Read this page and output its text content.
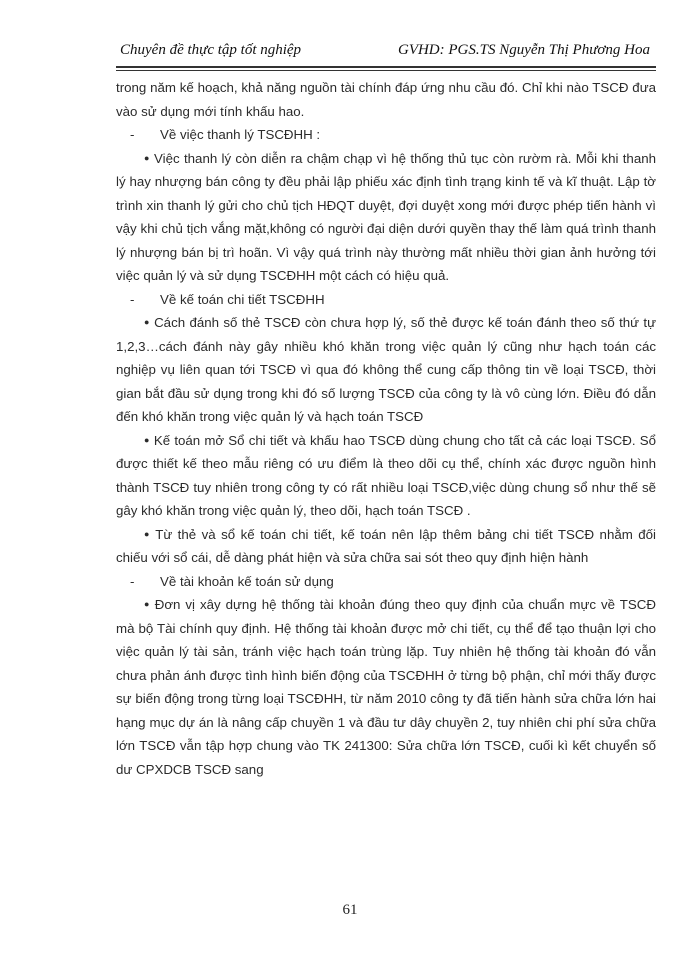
Chuyên đề thực tập tốt nghiệp	GVHD: PGS.TS Nguyễn Thị Phương Hoa

trong năm kế hoạch, khả năng nguồn tài chính đáp ứng nhu cầu đó. Chỉ khi nào TSCĐ đưa vào sử dụng mới tính khấu hao.

- Về việc thanh lý TSCĐHH :

● Việc thanh lý còn diễn ra chậm chạp vì hệ thống thủ tục còn rườm rà. Mỗi khi thanh lý hay nhượng bán công ty đều phải lập phiếu xác định tình trạng kinh tế và kĩ thuật. Lập tờ trình xin thanh lý gửi cho chủ tịch HĐQT duyệt, đợi duyệt xong mới được phép tiến hành vì vậy khi chủ tịch vắng mặt,không có người đại diện dưới quyền thay thế làm quá trình thanh lý nhượng bán bị trì hoãn. Vì vậy quá trình này thường mất nhiều thời gian ảnh hưởng tới việc quản lý và sử dụng TSCĐHH một cách có hiệu quả.

- Về kế toán chi tiết TSCĐHH

● Cách đánh số thẻ TSCĐ còn chưa hợp lý, số thẻ được kế toán đánh theo số thứ tự 1,2,3…cách đánh này gây nhiều khó khăn trong việc quản lý cũng như hạch toán các nghiệp vụ liên quan tới TSCĐ vì qua đó không thể cung cấp thông tin về loại TSCĐ, thời gian bắt đầu sử dụng trong khi đó số lượng TSCĐ của công ty là vô cùng lớn. Điều đó dẫn đến khó khăn trong việc quản lý và hạch toán TSCĐ

● Kế toán mở Sổ chi tiết và khấu hao TSCĐ dùng chung cho tất cả các loại TSCĐ. Sổ được thiết kế theo mẫu riêng có ưu điểm là theo dõi cụ thể, chính xác được nguồn hình thành TSCĐ tuy nhiên trong công ty có rất nhiều loại TSCĐ,việc dùng chung sổ như thế sẽ gây khó khăn trong việc quản lý, theo dõi, hạch toán TSCĐ .

● Từ thẻ và sổ kế toán chi tiết, kế toán nên lập thêm bảng chi tiết TSCĐ nhằm đối chiếu với sổ cái, dễ dàng phát hiện và sửa chữa sai sót theo quy định hiện hành

- Về tài khoản kế toán sử dụng

● Đơn vị xây dựng hệ thống tài khoản đúng theo quy định của chuẩn mực về TSCĐ mà bộ Tài chính quy định. Hệ thống tài khoản được mở chi tiết, cụ thể để tạo thuận lợi cho việc quản lý tài sản, tránh việc hạch toán trùng lặp. Tuy nhiên hệ thống tài khoản đó vẫn chưa phản ánh được tình hình biến động của TSCĐHH ở từng bộ phận, chỉ mới thấy được sự biến động trong từng loại TSCĐHH, từ năm 2010 công ty đã tiến hành sửa chữa lớn hai hạng mục dự án là nâng cấp chuyền 1 và đầu tư dây chuyền 2, tuy nhiên chi phí sửa chữa lớn TSCĐ vẫn tập hợp chung vào TK 241300: Sửa chữa lớn TSCĐ, cuối kì kết chuyển số dư CPXDCB TSCĐ sang

61
